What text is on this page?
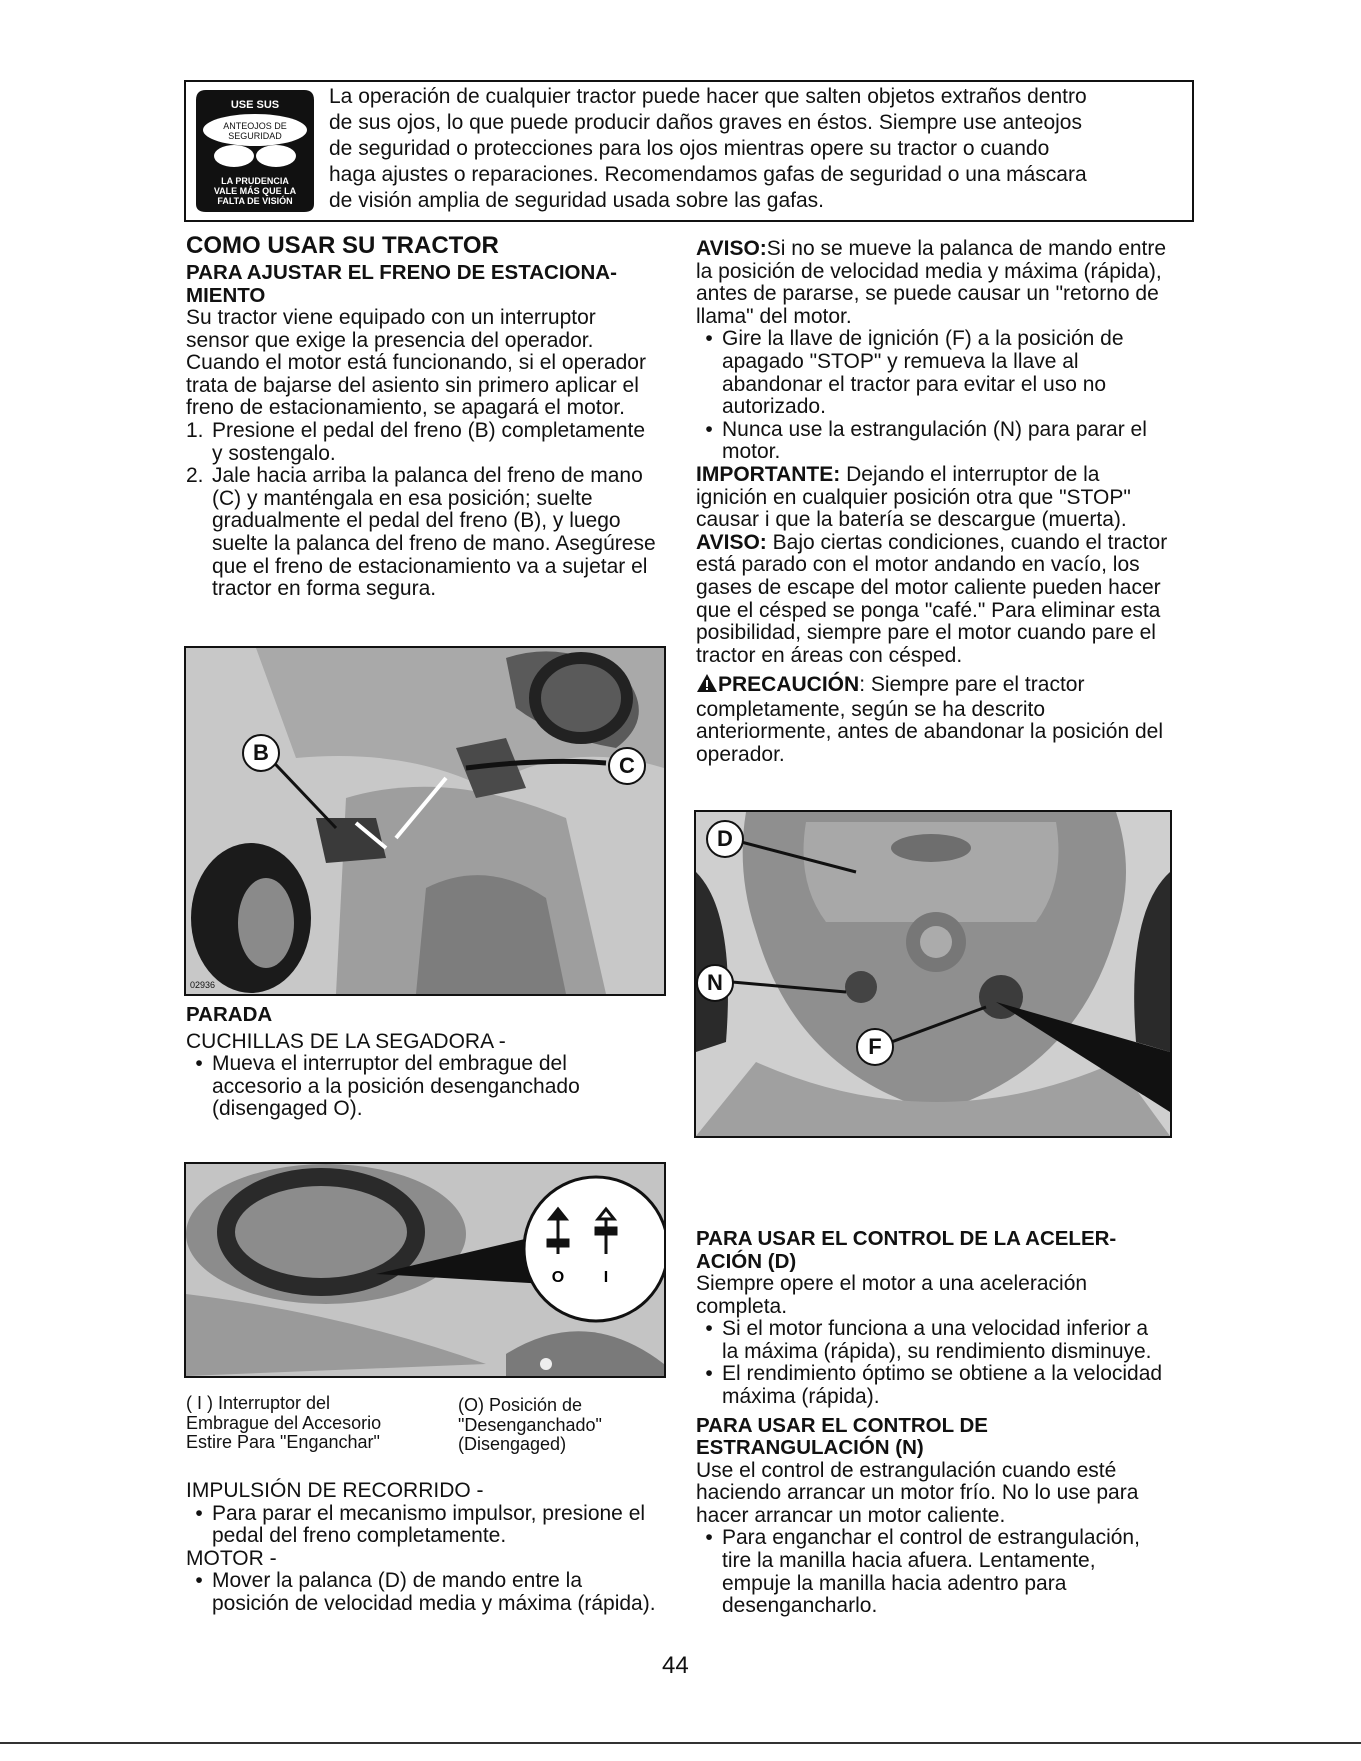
USE SUS
ANTEOJOS DE
SEGURIDAD
LA PRUDENCIA
VALE MÁS QUE LA
FALTA DE VISIÓN
La operación de cualquier tractor puede hacer que salten objetos extraños dentro
de sus ojos, lo que puede producir daños graves en éstos. Siempre use anteojos
de seguridad o protecciones para los ojos mientras opere su tractor o cuando
haga ajustes o reparaciones. Recomendamos gafas de seguridad o una máscara
de visión amplia de seguridad usada sobre las gafas.
COMO USAR SU TRACTOR
PARA AJUSTAR EL FRENO DE ESTACIONA-MIENTO

Su tractor viene equipado con un interruptor sensor que exige la presencia del operador. Cuando el motor está funcionando, si el operador trata de bajarse del asiento sin primero aplicar el freno de estacionamiento, se apagará el motor.

1. Presione el pedal del freno (B) completamente y sostengalo.
2. Jale hacia arriba la palanca del freno de mano (C) y manténgala en esa posición; suelte gradualmente el pedal del freno (B), y luego suelte la palanca del freno de mano. Asegúrese que el freno de estacionamiento va a sujetar el tractor en forma segura.
02936
B
C
PARADA

CUCHILLAS DE LA SEGADORA -

• Mueva el interruptor del embrague del accesorio a la posición desenganchado (disengaged O).
O I
( I ) Interruptor del
Embrague del Accesorio
Estire Para "Enganchar"
(O) Posición de
"Desenganchado"
(Disengaged)

IMPULSIÓN DE RECORRIDO -

• Para parar el mecanismo impulsor, presione el pedal del freno completamente.

MOTOR -

• Mover la palanca (D) de mando entre la posición de velocidad media y máxima (rápida).

AVISO:Si no se mueve la palanca de mando entre la posición de velocidad media y máxima (rápida), antes de pararse, se puede causar un "retorno de llama" del motor.

• Gire la llave de ignición (F) a la posición de apagado "STOP" y remueva la llave al abandonar el tractor para evitar el uso no autorizado.
• Nunca use la estrangulación (N) para parar el motor.

IMPORTANTE: Dejando el interruptor de la ignición en cualquier posición otra que "STOP" causar i que la batería se descargue (muerta).

AVISO: Bajo ciertas condiciones, cuando el tractor está parado con el motor andando en vacío, los gases de escape del motor caliente pueden hacer que el césped se ponga "café." Para eliminar esta posibilidad, siempre pare el motor cuando pare el tractor en áreas con césped.

PRECAUCIÓN: Siempre pare el tractor completamente, según se ha descrito anteriormente, antes de abandonar la posición del operador.

D
N
F
PARA USAR EL CONTROL DE LA ACELER-ACIÓN (D)

Siempre opere el motor a una aceleración completa.

• Si el motor funciona a una velocidad inferior a la máxima (rápida), su rendimiento disminuye.
• El rendimiento óptimo se obtiene a la velocidad máxima (rápida).
PARA USAR EL CONTROL DE ESTRANGULACIÓN (N)

Use el control de estrangulación cuando esté haciendo arrancar un motor frío. No lo use para hacer arrancar un motor caliente.

• Para enganchar el control de estrangulación, tire la manilla hacia afuera. Lentamente, empuje la manilla hacia adentro para desengancharlo.
44
